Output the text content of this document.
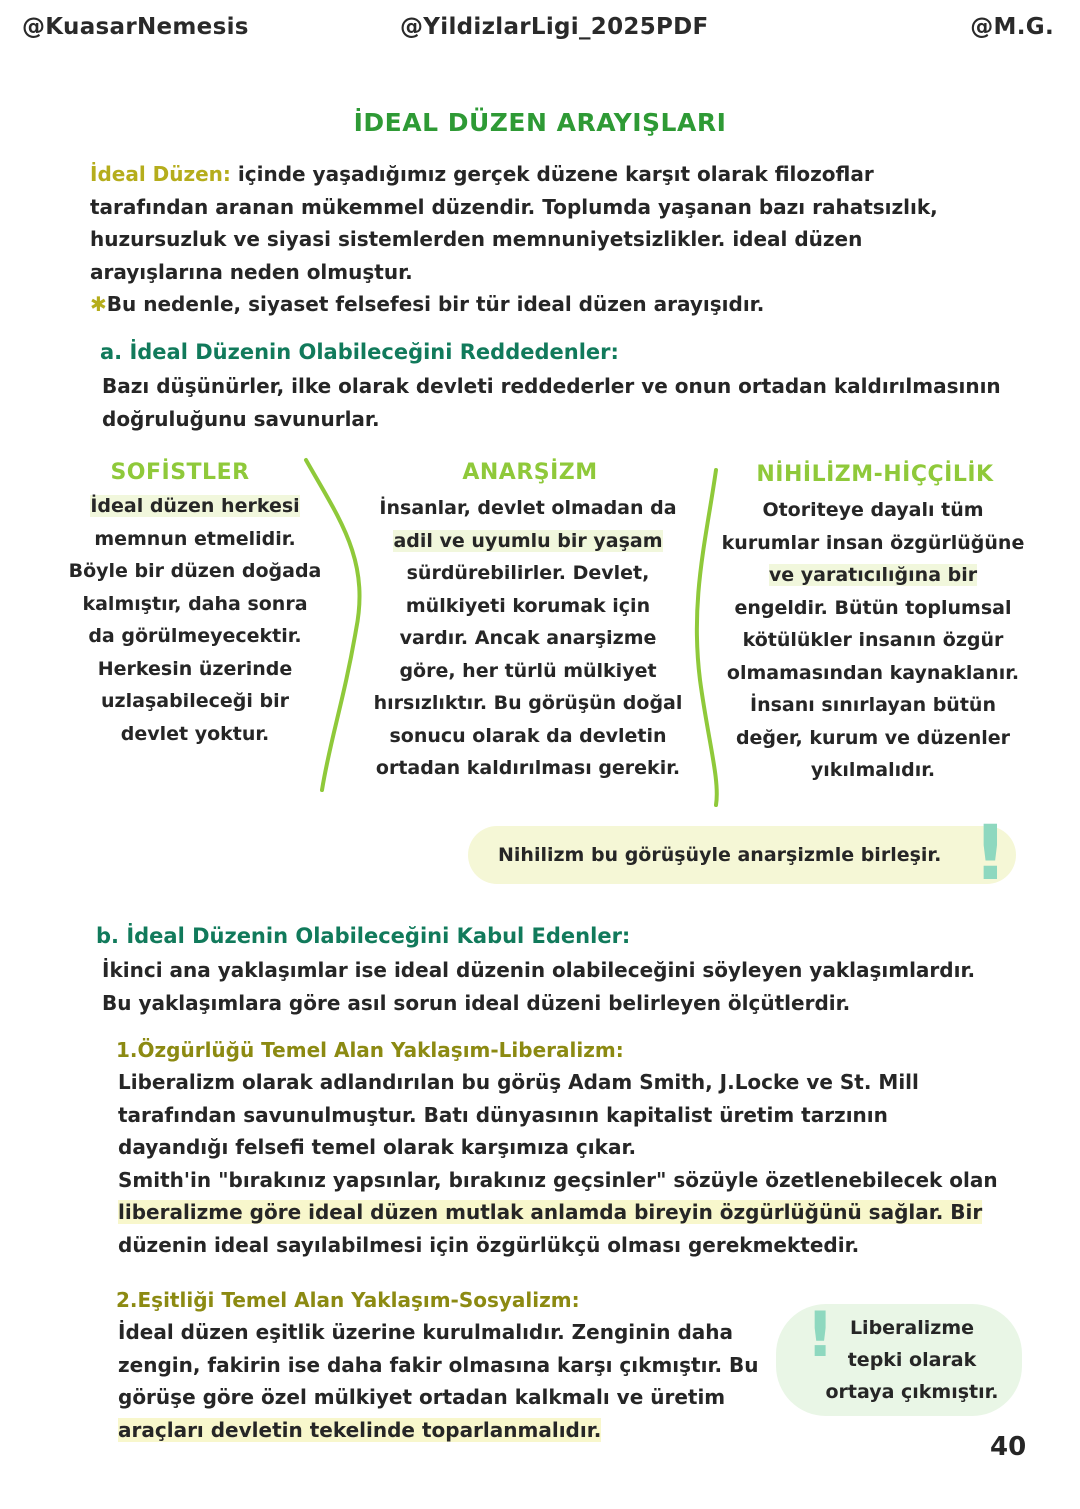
@KuasarNemesis	@YildizlarLigi_2025PDF	@M.G.
İDEAL DÜZEN ARAYIŞLARI
İdeal Düzen: içinde yaşadığımız gerçek düzene karşıt olarak filozoflar
tarafından aranan mükemmel düzendir. Toplumda yaşanan bazı rahatsızlık,
huzursuzluk ve siyasi sistemlerden memnuniyetsizlikler. ideal düzen
arayışlarına neden olmuştur.
✱Bu nedenle, siyaset felsefesi bir tür ideal düzen arayışıdır.
a. İdeal Düzenin Olabileceğini Reddedenler:
Bazı düşünürler, ilke olarak devleti reddederler ve onun ortadan kaldırılmasının
doğruluğunu savunurlar.
SOFİSTLER
İdeal düzen herkesi
memnun etmelidir.
Böyle bir düzen doğada
kalmıştır, daha sonra
da görülmeyecektir.
Herkesin üzerinde
uzlaşabileceği bir
devlet yoktur.
ANARŞİZM
İnsanlar, devlet olmadan da
adil ve uyumlu bir yaşam
sürdürebilirler. Devlet,
mülkiyeti korumak için
vardır. Ancak anarşizme
göre, her türlü mülkiyet
hırsızlıktır. Bu görüşün doğal
sonucu olarak da devletin
ortadan kaldırılması gerekir.
NİHİLİZM-HİÇÇİLİK
Otoriteye dayalı tüm
kurumlar insan özgürlüğüne
ve yaratıcılığına bir
engeldir. Bütün toplumsal
kötülükler insanın özgür
olmamasından kaynaklanır.
İnsanı sınırlayan bütün
değer, kurum ve düzenler
yıkılmalıdır.
Nihilizm bu görüşüyle anarşizmle birleşir. !
b. İdeal Düzenin Olabileceğini Kabul Edenler:
İkinci ana yaklaşımlar ise ideal düzenin olabileceğini söyleyen yaklaşımlardır.
Bu yaklaşımlara göre asıl sorun ideal düzeni belirleyen ölçütlerdir.
1.Özgürlüğü Temel Alan Yaklaşım-Liberalizm:
Liberalizm olarak adlandırılan bu görüş Adam Smith, J.Locke ve St. Mill
tarafından savunulmuştur. Batı dünyasının kapitalist üretim tarzının
dayandığı felsefi temel olarak karşımıza çıkar.
Smith'in "bırakınız yapsınlar, bırakınız geçsinler" sözüyle özetlenebilecek olan
liberalizme göre ideal düzen mutlak anlamda bireyin özgürlüğünü sağlar. Bir
düzenin ideal sayılabilmesi için özgürlükçü olması gerekmektedir.
2.Eşitliği Temel Alan Yaklaşım-Sosyalizm:
İdeal düzen eşitlik üzerine kurulmalıdır. Zenginin daha
zengin, fakirin ise daha fakir olmasına karşı çıkmıştır. Bu
görüşe göre özel mülkiyet ortadan kalkmalı ve üretim
araçları devletin tekelinde toparlanmalıdır.
! Liberalizme
tepki olarak
ortaya çıkmıştır.
40
